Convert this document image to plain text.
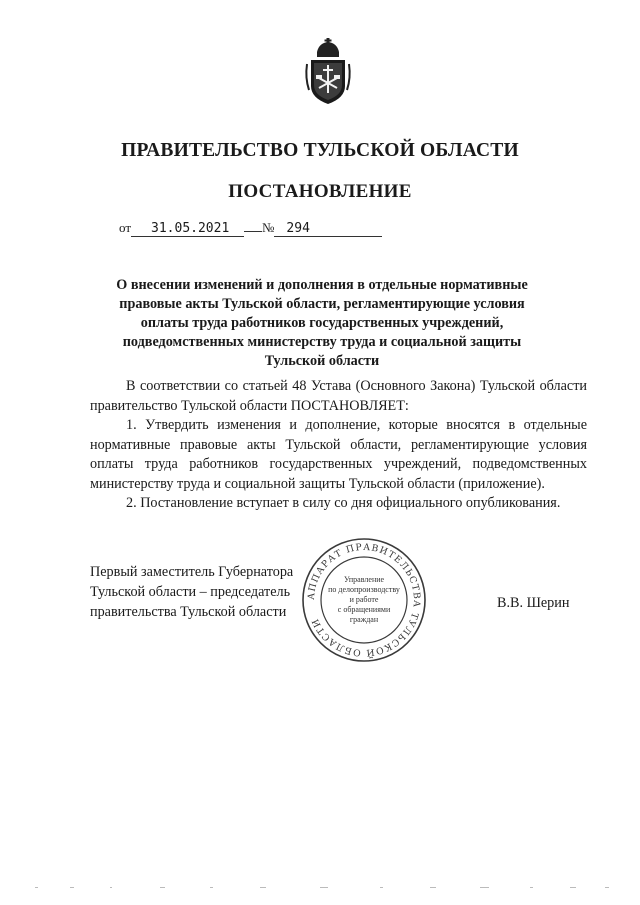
ПРАВИТЕЛЬСТВО ТУЛЬСКОЙ ОБЛАСТИ
ПОСТАНОВЛЕНИЕ
от 31.05.2021	№ 294
О внесении изменений и дополнения в отдельные нормативные правовые акты Тульской области, регламентирующие условия оплаты труда работников государственных учреждений, подведомственных министерству труда и социальной защиты Тульской области
В соответствии со статьей 48 Устава (Основного Закона) Тульской области правительство Тульской области ПОСТАНОВЛЯЕТ:
1. Утвердить изменения и дополнение, которые вносятся в отдельные нормативные правовые акты Тульской области, регламентирующие условия оплаты труда работников государственных учреждений, подведомственных министерству труда и социальной защиты Тульской области (приложение).
2. Постановление вступает в силу со дня официального опубликования.
Первый заместитель Губернатора
Тульской области – председатель
правительства Тульской области
АППАРАТ ПРАВИТЕЛЬСТВА ТУЛЬСКОЙ ОБЛАСТИ
Управление
по делопроизводству
и работе
с обращениями
граждан
В.В. Шерин
